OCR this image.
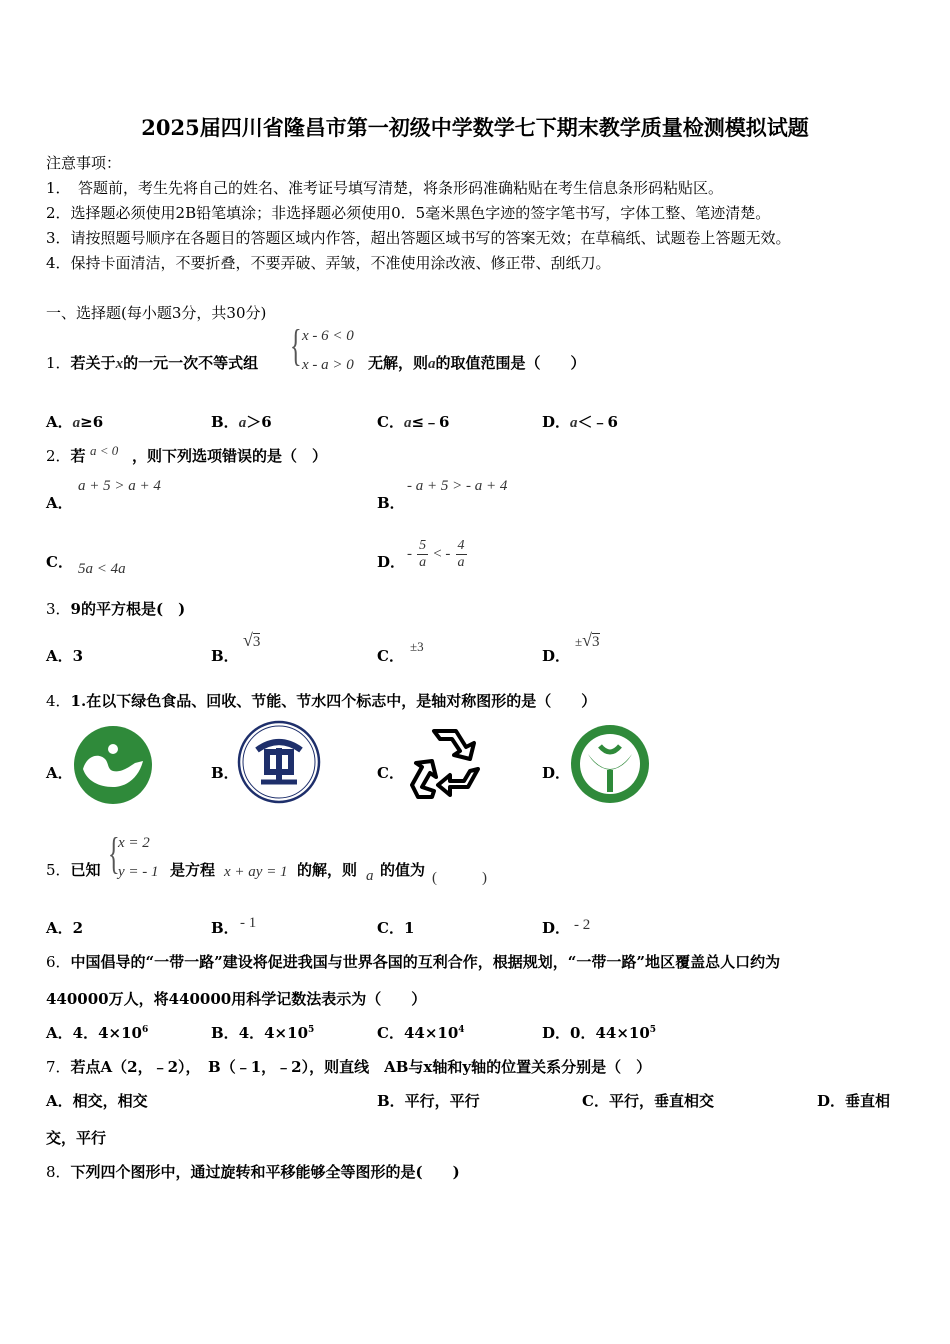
2025届四川省隆昌市第一初级中学数学七下期末教学质量检测模拟试题
注意事项：
1．　答题前，考生先将自己的姓名、准考证号填写清楚，将条形码准确粘贴在考生信息条形码粘贴区。
2．选择题必须使用2B铅笔填涂；非选择题必须使用0．5毫米黑色字迹的签字笔书写，字体工整、笔迹清楚。
3．请按照题号顺序在各题目的答题区域内作答，超出答题区域书写的答案无效；在草稿纸、试题卷上答题无效。
4．保持卡面清洁，不要折叠，不要弄破、弄皱，不准使用涂改液、修正带、刮纸刀。
一、选择题(每小题3分，共30分)
1．若关于x的一元一次不等式组 { x - 6 < 0
x - a > 0 无解，则a的取值范围是（　　）
A．a≥6	B．a＞6	C．a≤﹣6	D．a＜﹣6
2．若 a < 0 ，则下列选项错误的是（　）
A．
a + 5 > a + 4
B．
- a + 5 > - a + 4
C． 5a < 4a	D． - $\frac{5}{a}$ < - $\frac{4}{a}$
3．9的平方根是(　)
A．3	B．
√3
C．
±3
D．
±√3
4．1.在以下绿色食品、回收、节能、节水四个标志中，是轴对称图形的是（　　）
A．	B．	C．	D．
5．已知 {
x = 2
y = - 1 是方程 x + ay = 1 的解，则 a 的值为 (　　　)
A．2	B． - 1	C．1	D． - 2
6．中国倡导的“一带一路”建设将促进我国与世界各国的互利合作，根据规划，“一带一路”地区覆盖总人口约为
440000万人，将440000用科学记数法表示为（　　）
A．4．$4\times 10^6$	B．4．$4\times 10^5$	C．$44\times 10^4$	D．0．$44\times 10^5$
7．若点A（2，﹣2），　B（﹣1，﹣2），则直线　AB与x轴和y轴的位置关系分别是（　）
A．相交，相交	B．平行，平行	C．平行，垂直相交	D．垂直相
交，平行
8．下列四个图形中，通过旋转和平移能够全等图形的是(　　)
